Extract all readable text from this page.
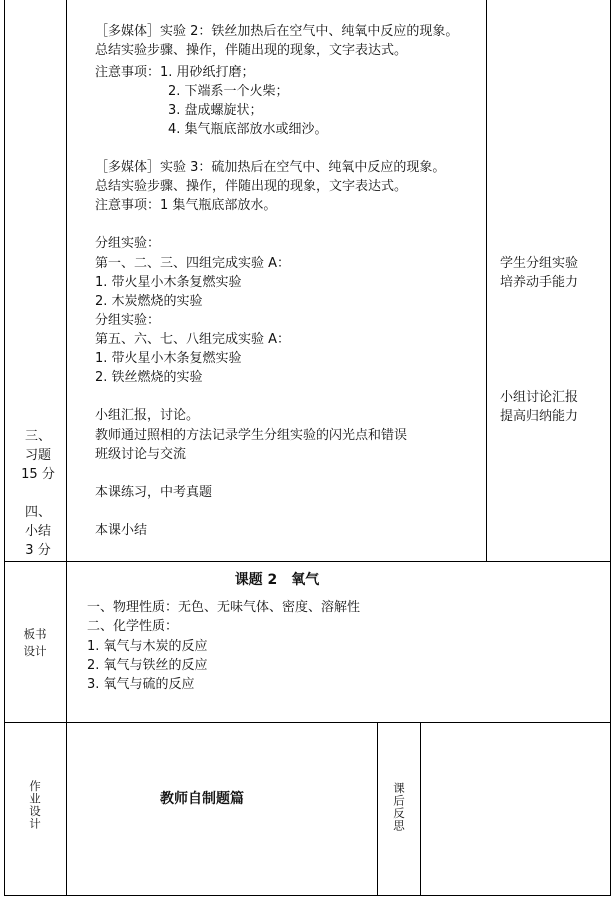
［多媒体］实验 2：铁丝加热后在空气中、纯氧中反应的现象。
总结实验步骤、操作，伴随出现的现象，文字表达式。
注意事项：1. 用砂纸打磨；
2. 下端系一个火柴；
3. 盘成螺旋状；
4. 集气瓶底部放水或细沙。
［多媒体］实验 3：硫加热后在空气中、纯氧中反应的现象。
总结实验步骤、操作，伴随出现的现象，文字表达式。
注意事项：1 集气瓶底部放水。
分组实验：
第一、二、三、四组完成实验 A：
1. 带火星小木条复燃实验
2. 木炭燃烧的实验
分组实验：
第五、六、七、八组完成实验 A：
1. 带火星小木条复燃实验
2. 铁丝燃烧的实验
小组汇报，讨论。
教师通过照相的方法记录学生分组实验的闪光点和错误
班级讨论与交流
本课练习，中考真题
本课小结
三、
习题
15 分
四、
小结
3 分
学生分组实验
培养动手能力
小组讨论汇报
提高归纳能力
板书
设计
课题 2　氧气
一、物理性质：无色、无味气体、密度、溶解性
二、化学性质：
1. 氧气与木炭的反应
2. 氧气与铁丝的反应
3. 氧气与硫的反应
作业设计	教师自制题篇	课后反思
